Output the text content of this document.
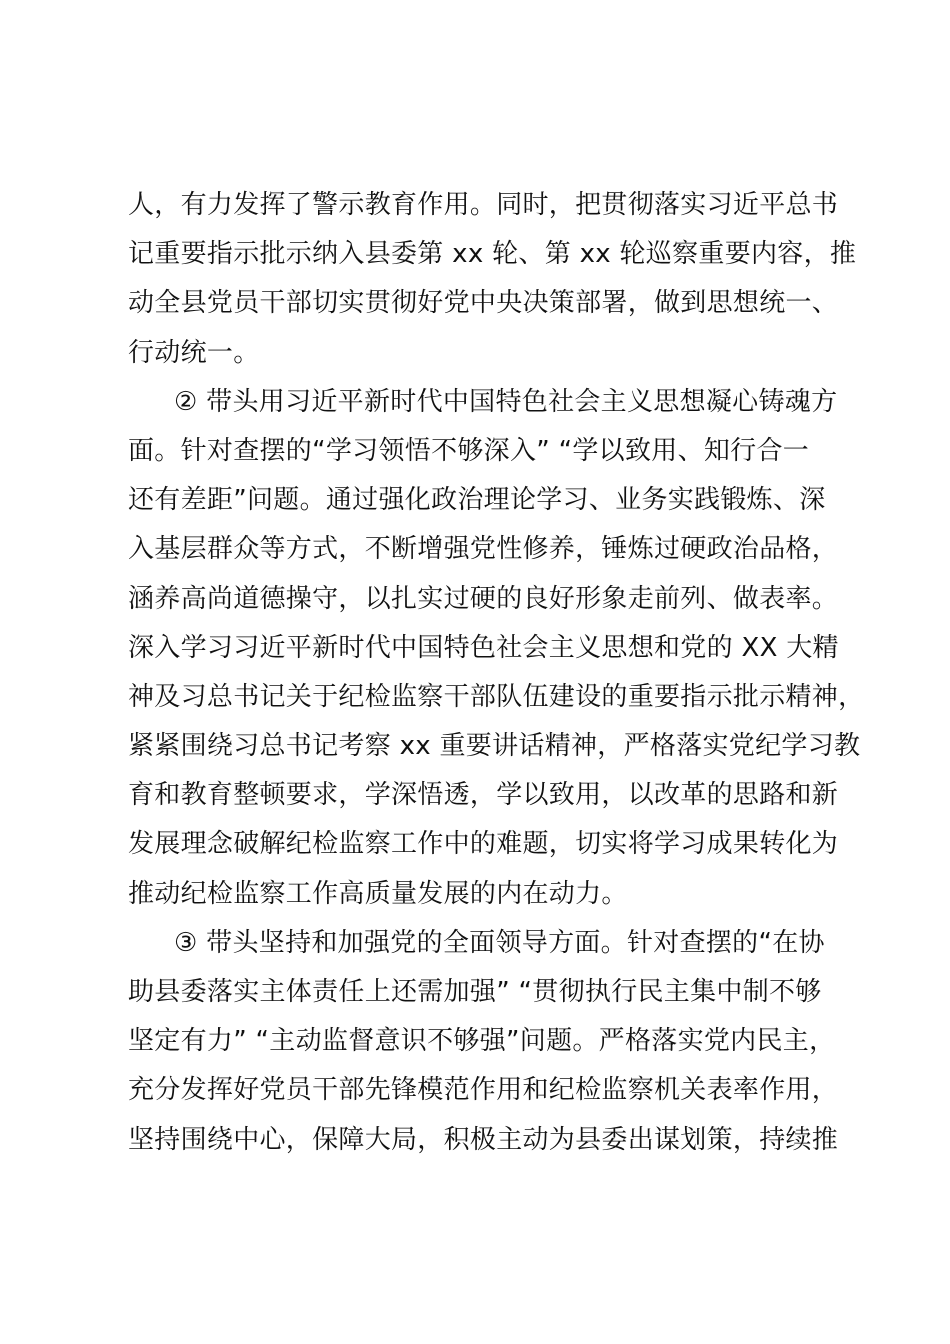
人，有力发挥了警示教育作用。同时，把贯彻落实习近平总书
记重要指示批示纳入县委第 xx 轮、第 xx 轮巡察重要内容，推
动全县党员干部切实贯彻好党中央决策部署，做到思想统一、
行动统一。
② 带头用习近平新时代中国特色社会主义思想凝心铸魂方
面。针对查摆的“学习领悟不够深入” “学以致用、知行合一
还有差距”问题。通过强化政治理论学习、业务实践锻炼、深
入基层群众等方式，不断增强党性修养，锤炼过硬政治品格，
涵养高尚道德操守，以扎实过硬的良好形象走前列、做表率。
深入学习习近平新时代中国特色社会主义思想和党的 XX 大精
神及习总书记关于纪检监察干部队伍建设的重要指示批示精神，
紧紧围绕习总书记考察 xx 重要讲话精神，严格落实党纪学习教
育和教育整顿要求，学深悟透，学以致用，以改革的思路和新
发展理念破解纪检监察工作中的难题，切实将学习成果转化为
推动纪检监察工作高质量发展的内在动力。
③ 带头坚持和加强党的全面领导方面。针对查摆的“在协
助县委落实主体责任上还需加强” “贯彻执行民主集中制不够
坚定有力” “主动监督意识不够强”问题。严格落实党内民主，
充分发挥好党员干部先锋模范作用和纪检监察机关表率作用，
坚持围绕中心，保障大局，积极主动为县委出谋划策，持续推
